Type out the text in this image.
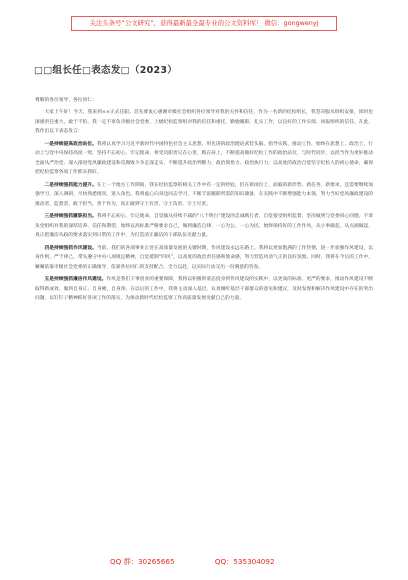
关注头条号“公文研究”，获得最新最全最专业的公文资料库！ 微信：gongwenyj
□□组长任□表态发□（2023）

尊敬的各位领导、各位同仁：

大家上午好！今天，我来到××正式任职。首先要衷心感谢市级社会组织各位领导对我的关怀和信任，作为一名新的纪检组长，我坚决服从组织安排，同时也深感责任重大，敢于不怕、我一定不辜负市级社会党委、上级纪检监察组对我的信任和重托，勤勉履职、扎实工作，以良好的工作实绩、回报组织的信任。在此，我作出以下表态发言：

一是持续提高政治站位。我将认真学习习近平新时代中国特色社会主义思想，用先进的政治理论武装头脑、指导实践、推动工作，始终在思想上、政治上、行动上与党中央保持高度一致，坚持不忘初心、牢记使命，将党员职责记在心里、践在肩上，不断提高做好纪检工作的政治站位，与时代同步，以担当作为更好推动全面从严治党、深入推进党风廉政建设和反腐败斗争走深走实，不断提升政治判断力、政治领悟力、政治执行力，以高度的政治自觉坚守纪检人的初心使命，确保把纪检监察各项工作抓实抓好。

二是持续强抓能力提升。在上一个地方工作期间，我在纪检监察的相关工作中有一定的经验，但在新岗位上，面临的新形势、新任务、新要求，还需要继续加强学习、深入调研，尽快熟悉情况，进入角色。我将虚心向身边同志学习，不断丰富履职所需的知识储备，在实践中不断增强能力本领，努力当好党风廉政建设的推动者、监督者，敢于担当，善于作为，真正做到守土有责、守土负责、守土尽责。

三是持续强抓履职担当。我将不忘初心、牢记使命，自觉做从持续不减的“八个明白”建设的忠诚践行者，自觉接受组织监督，坚决做到与党委同心同德，不辜负党组织对我的深厚培养、信任和期望，始终以高标准严格要求自己，做到廉洁自律、一心为公，一心为民，始终保持好的工作作风，从小事做起，从点滴做起，真正把廉洁从政的要求落实到日常的工作中，为打造清正廉洁的干部队伍贡献力量。

四是持续强抓作风建设。当前，我们的各项事业正处在高质量发展的关键时期，作风建设永远在路上。我将以更加饱满的工作热情，进一步加强作风建设，以身作则，严于律己，带头遵守中央八项规定精神，自觉抵制“四风”，以高度的政治责任感和使命感，努力营造风清气正的良好氛围。同时，我将在今后的工作中，紧紧依靠市级社会党委的正确领导，依靠各位同仁的支持配合，全力以赴，以实际行动交出一份满意的答卷。

五是持续强抓廉洁作风建设。作风是我们干事创业的重要保障，我将以积极的姿态投身到作风建设的实践中，以更高的标准、更严的要求，推动作风建设不断取得新成效，做到自身正、自身硬、自身净。在以后的工作中，我将主动深入基层，认真倾听基层干部群众的意见和建议，及时发现和解决作风建设中存在的突出问题，以钉钉子精神抓好各项工作的落实，为推动新时代纪检监察工作高质量发展贡献自己的力量。

QQ 群：30265665	QQ：535304092
